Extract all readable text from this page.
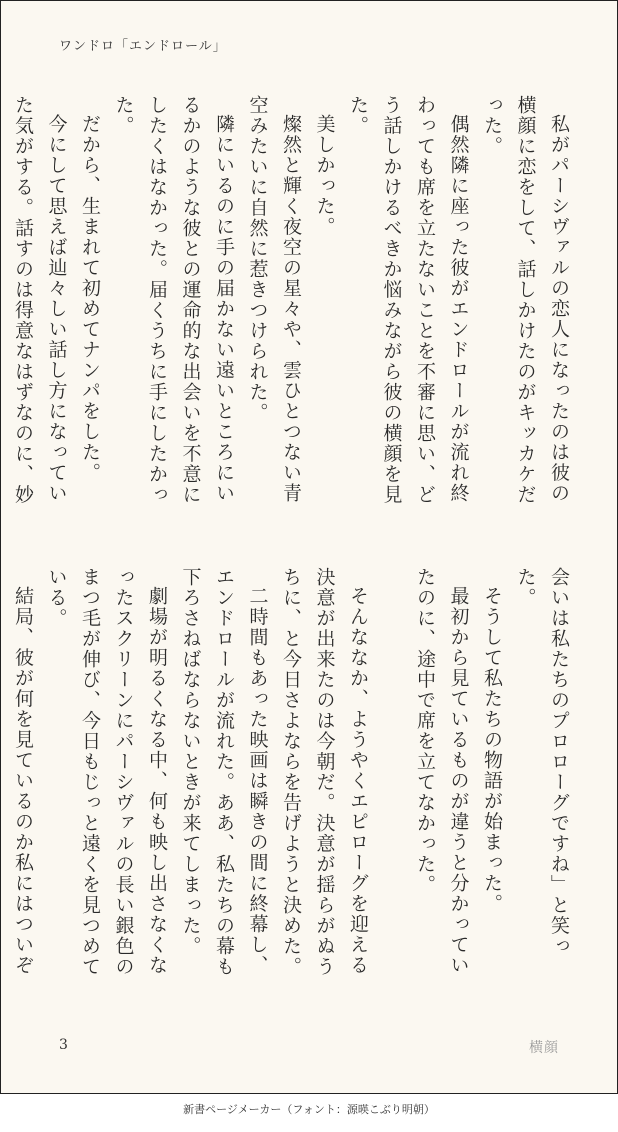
ワンドロ「エンドロール」

私がパーシヴァルの恋人になったのは彼の横顔に恋をして、話しかけたのがキッカケだった。

偶然隣に座った彼がエンドロールが流れ終わっても席を立たないことを不審に思い、どう話しかけるべきか悩みながら彼の横顔を見た。

美しかった。

燦然と輝く夜空の星々や、雲ひとつない青空みたいに自然に惹きつけられた。

隣にいるのに手の届かない遠いところにいるかのような彼との運命的な出会いを不意にしたくはなかった。届くうちに手にしたかった。

だから、生まれて初めてナンパをした。

今にして思えば辿々しい話し方になっていた気がする。話すのは得意なはずなのに、妙

会いは私たちのプロローグですね」と笑った。

そうして私たちの物語が始まった。

最初から見ているものが違うと分かっていたのに、途中で席を立てなかった。

そんななか、ようやくエピローグを迎える決意が出来たのは今朝だ。決意が揺らがぬうちに、と今日さよならを告げようと決めた。

二時間もあった映画は瞬きの間に終幕し、エンドロールが流れた。ああ、私たちの幕も下ろさねばならないときが来てしまった。

劇場が明るくなる中、何も映し出さなくなったスクリーンにパーシヴァルの長い銀色のまつ毛が伸び、今日もじっと遠くを見つめている。

結局、彼が何を見ているのか私にはついぞ

3	横顔
新書ページメーカー（フォント：源暎こぶり明朝）
